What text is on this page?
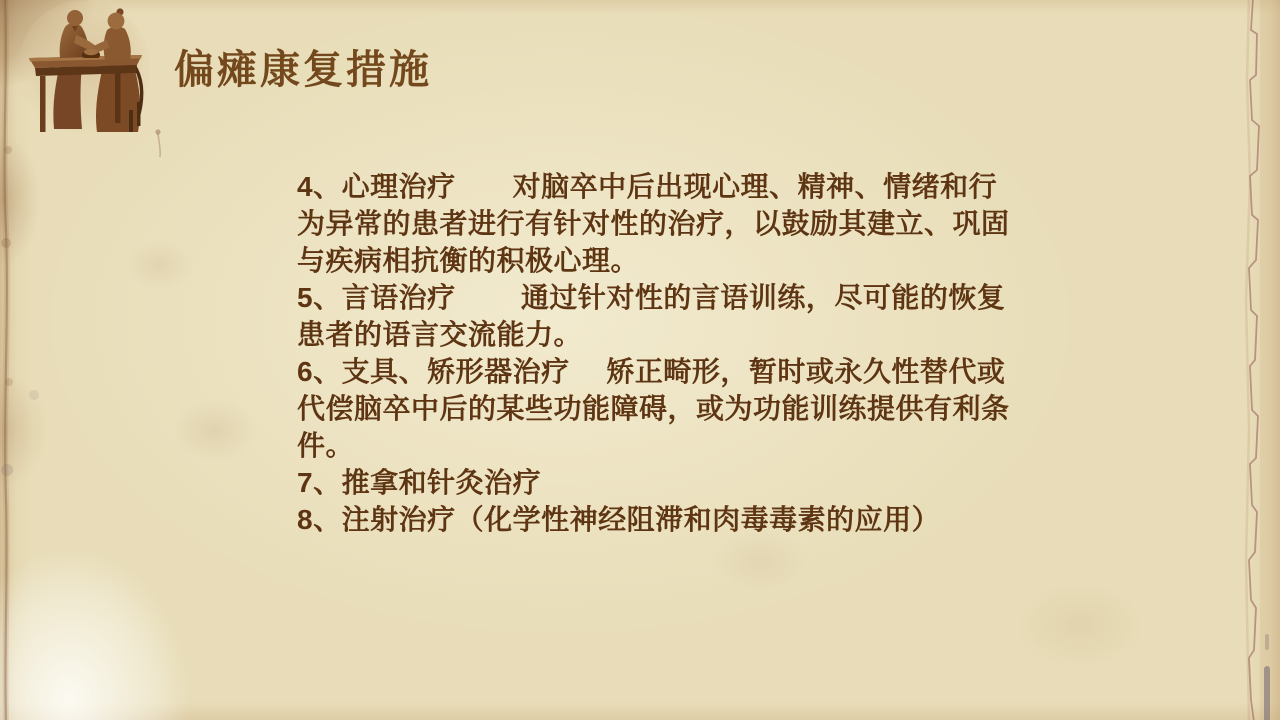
偏瘫康复措施
4、心理治疗　　对脑卒中后出现心理、精神、情绪和行
为异常的患者进行有针对性的治疗，以鼓励其建立、巩固
与疾病相抗衡的积极心理。
5、言语治疗　　 通过针对性的言语训练，尽可能的恢复
患者的语言交流能力。
6、支具、矫形器治疗　 矫正畸形，暂时或永久性替代或
代偿脑卒中后的某些功能障碍，或为功能训练提供有利条
件。
7、推拿和针灸治疗
8、注射治疗（化学性神经阻滞和肉毒毒素的应用）
